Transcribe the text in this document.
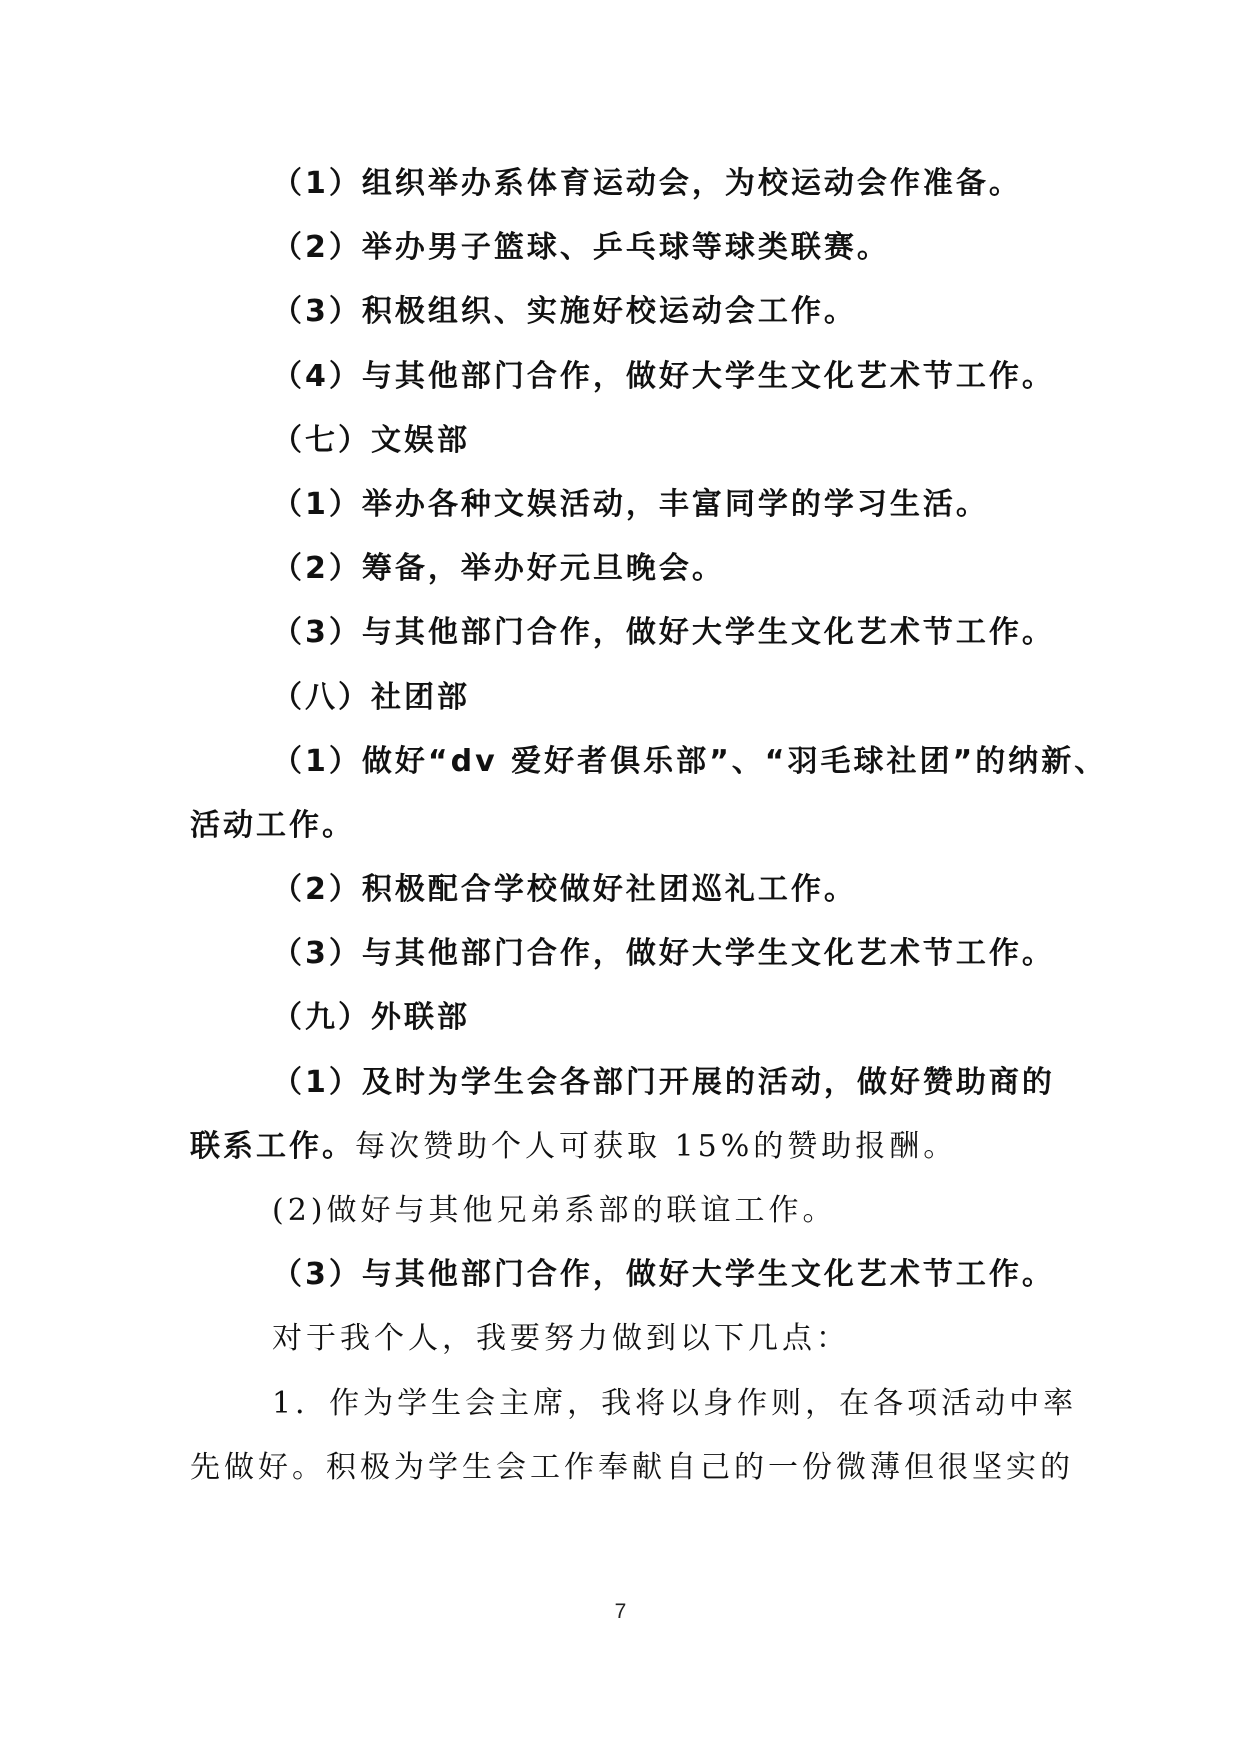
（1）组织举办系体育运动会，为校运动会作准备。
（2）举办男子篮球、乒乓球等球类联赛。
（3）积极组织、实施好校运动会工作。
（4）与其他部门合作，做好大学生文化艺术节工作。
（七）文娱部
（1）举办各种文娱活动，丰富同学的学习生活。
（2）筹备，举办好元旦晚会。
（3）与其他部门合作，做好大学生文化艺术节工作。
（八）社团部
（1）做好“dv 爱好者俱乐部”、“羽毛球社团”的纳新、
活动工作。
（2）积极配合学校做好社团巡礼工作。
（3）与其他部门合作，做好大学生文化艺术节工作。
（九）外联部
（1）及时为学生会各部门开展的活动，做好赞助商的
联系工作。每次赞助个人可获取 15%的赞助报酬。
(2)做好与其他兄弟系部的联谊工作。
（3）与其他部门合作，做好大学生文化艺术节工作。
对于我个人，我要努力做到以下几点：
1．作为学生会主席，我将以身作则，在各项活动中率
先做好。积极为学生会工作奉献自己的一份微薄但很坚实的
7
